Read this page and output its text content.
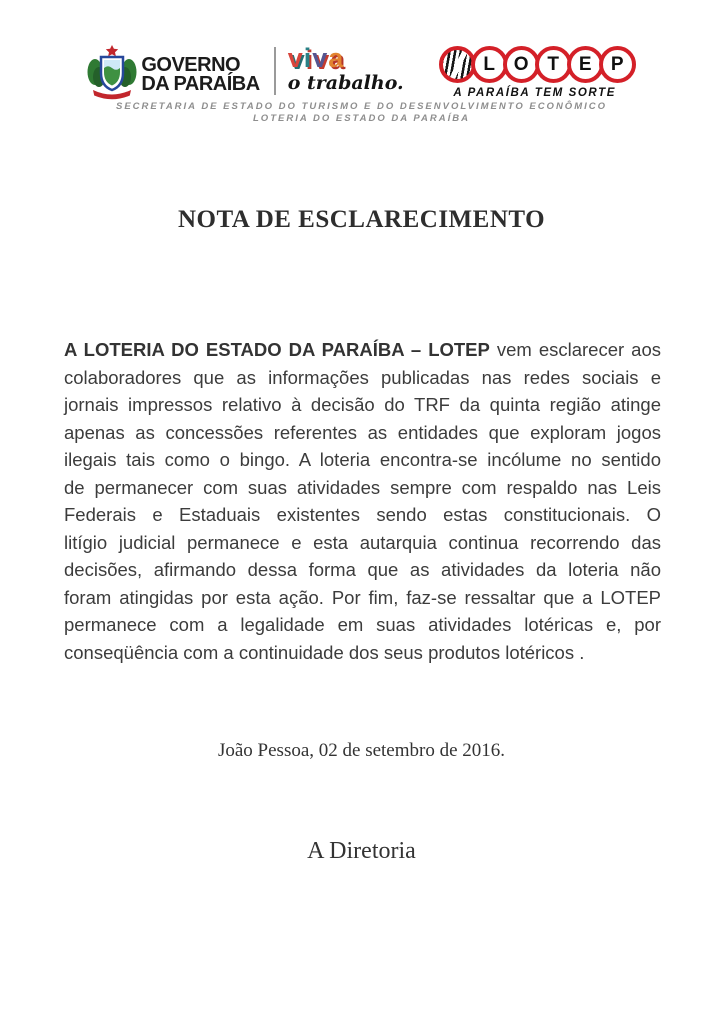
GOVERNO
DA PARAÍBA
viva
o trabalho.
L O T	E	P
A PARAÍBA TEM SORTE
SECRETARIA DE ESTADO DO TURISMO E DO DESENVOLVIMENTO ECONÔMICO
LOTERIA DO ESTADO DA PARAÍBA
NOTA DE ESCLARECIMENTO
A LOTERIA DO ESTADO DA PARAÍBA – LOTEP vem esclarecer aos
colaboradores que as informações publicadas nas redes sociais e
jornais impressos relativo à decisão do TRF da quinta região atinge
apenas as concessões referentes as entidades que exploram jogos
ilegais tais como o bingo. A loteria encontra-se incólume no sentido
de permanecer com suas atividades sempre com respaldo nas Leis
Federais e Estaduais existentes sendo estas constitucionais. O
litígio judicial permanece e esta autarquia continua recorrendo das
decisões, afirmando dessa forma que as atividades da loteria não
foram atingidas por esta ação. Por fim, faz-se ressaltar que a LOTEP
permanece com a legalidade em suas atividades lotéricas e, por
conseqüência com a continuidade dos seus produtos lotéricos .
João Pessoa, 02 de setembro de 2016.
A Diretoria
